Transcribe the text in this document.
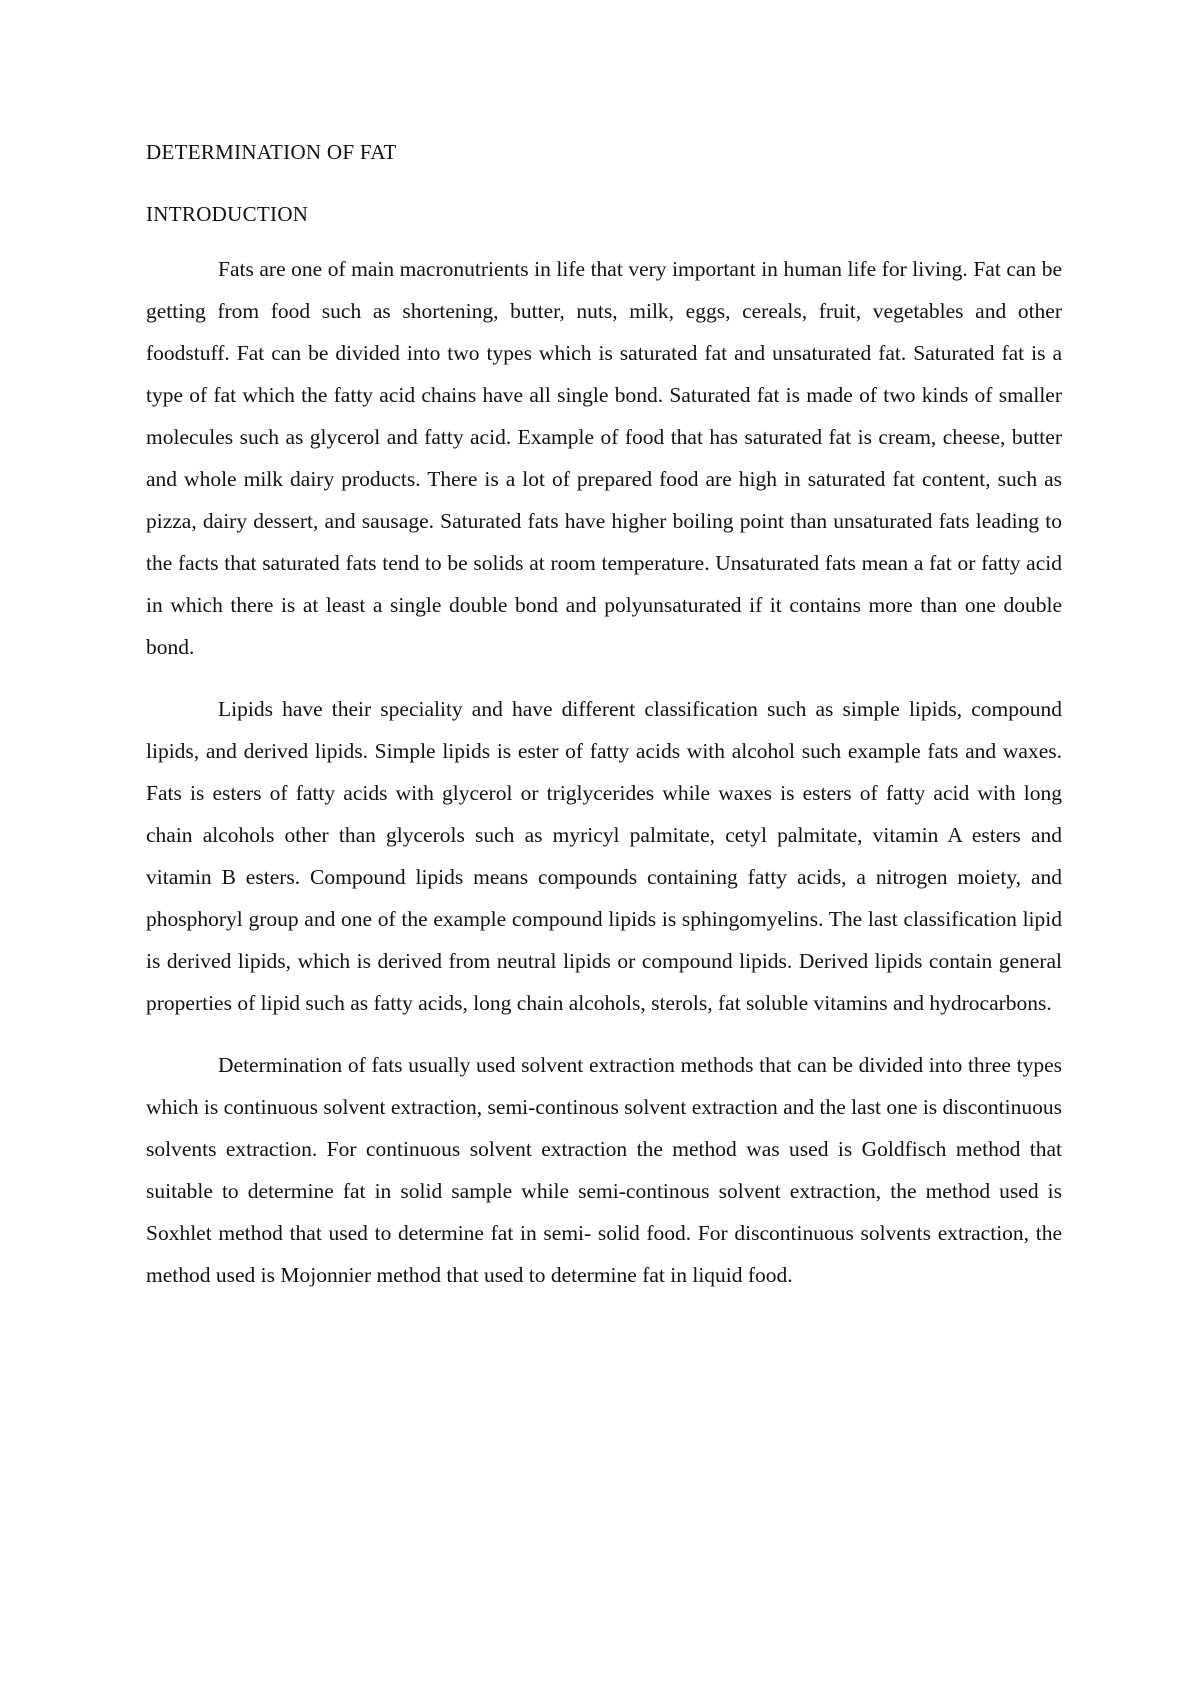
DETERMINATION OF FAT
INTRODUCTION

Fats are one of main macronutrients in life that very important in human life for living. Fat can be getting from food such as shortening, butter, nuts, milk, eggs, cereals, fruit, vegetables and other foodstuff. Fat can be divided into two types which is saturated fat and unsaturated fat. Saturated fat is a type of fat which the fatty acid chains have all single bond. Saturated fat is made of two kinds of smaller molecules such as glycerol and fatty acid. Example of food that has saturated fat is cream, cheese, butter and whole milk dairy products. There is a lot of prepared food are high in saturated fat content, such as pizza, dairy dessert, and sausage. Saturated fats have higher boiling point than unsaturated fats leading to the facts that saturated fats tend to be solids at room temperature. Unsaturated fats mean a fat or fatty acid in which there is at least a single double bond and polyunsaturated if it contains more than one double bond.

Lipids have their speciality and have different classification such as simple lipids, compound lipids, and derived lipids. Simple lipids is ester of fatty acids with alcohol such example fats and waxes. Fats is esters of fatty acids with glycerol or triglycerides while waxes is esters of fatty acid with long chain alcohols other than glycerols such as myricyl palmitate, cetyl palmitate, vitamin A esters and vitamin B esters. Compound lipids means compounds containing fatty acids, a nitrogen moiety, and phosphoryl group and one of the example compound lipids is sphingomyelins. The last classification lipid is derived lipids, which is derived from neutral lipids or compound lipids. Derived lipids contain general properties of lipid such as fatty acids, long chain alcohols, sterols, fat soluble vitamins and hydrocarbons.

Determination of fats usually used solvent extraction methods that can be divided into three types which is continuous solvent extraction, semi-continous solvent extraction and the last one is discontinuous solvents extraction. For continuous solvent extraction the method was used is Goldfisch method that suitable to determine fat in solid sample while semi-continous solvent extraction, the method used is Soxhlet method that used to determine fat in semi- solid food. For discontinuous solvents extraction, the method used is Mojonnier method that used to determine fat in liquid food.
